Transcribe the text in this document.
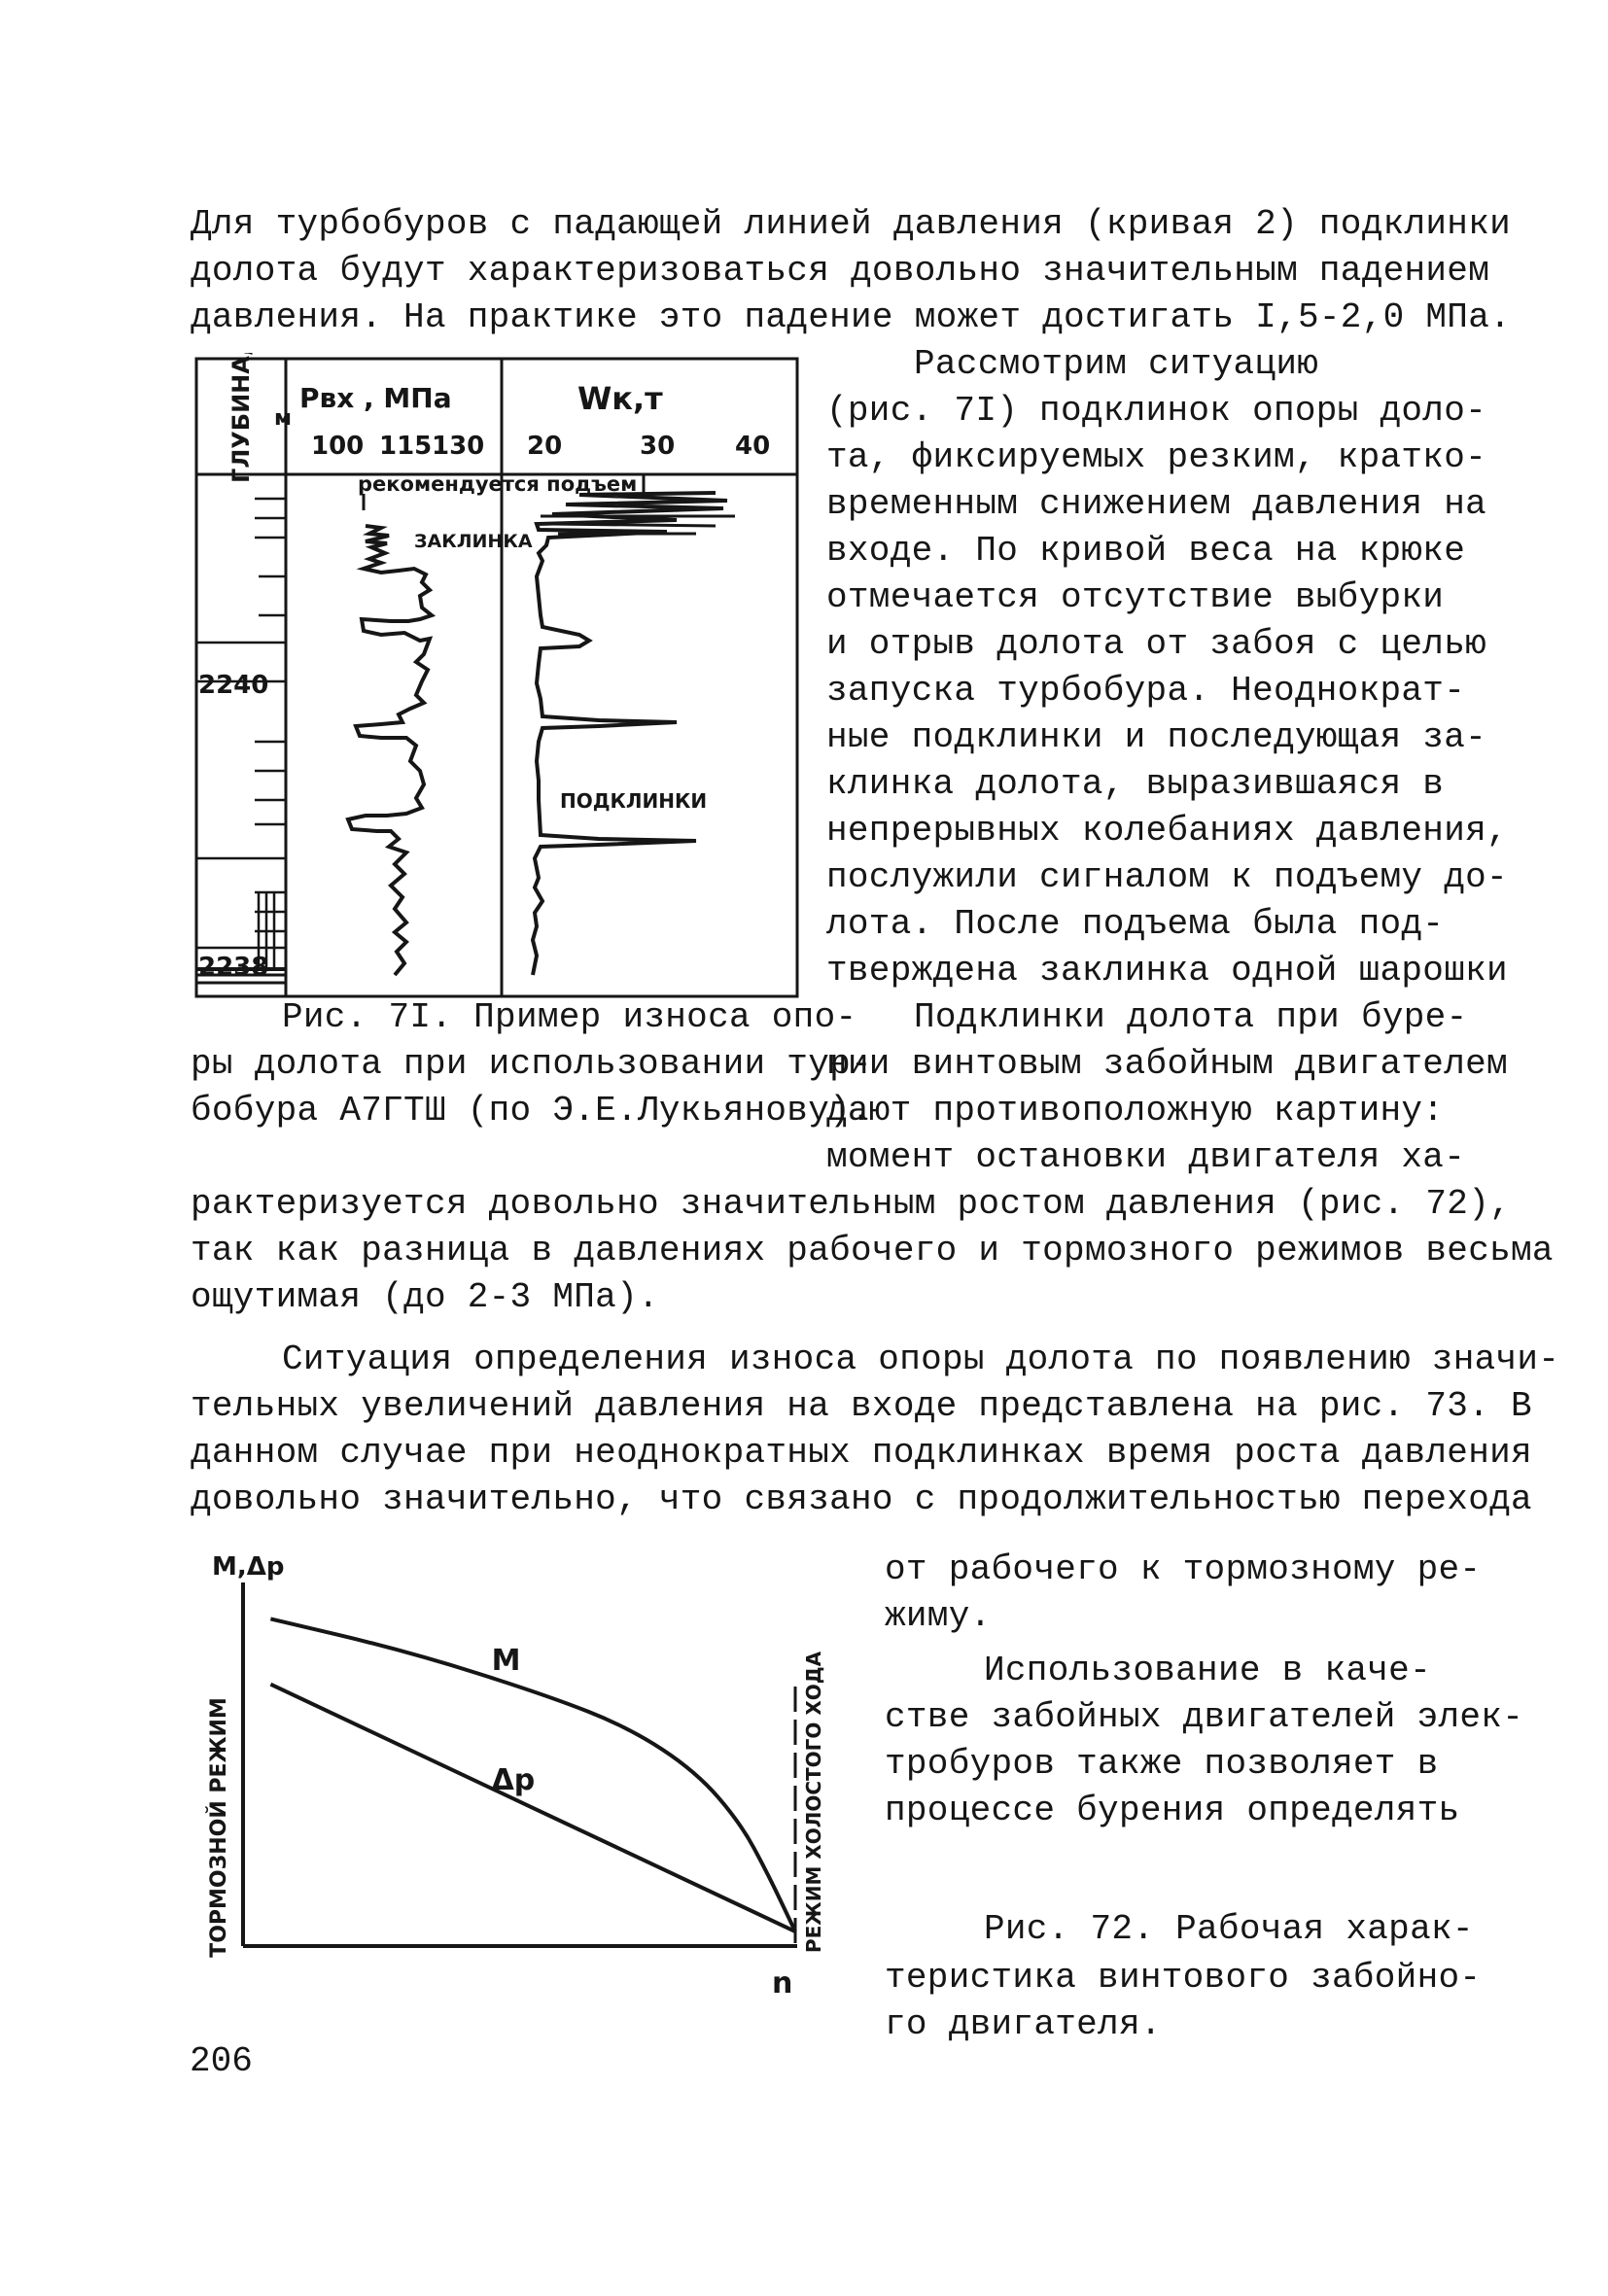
Для турбобуров с падающей линией давления (кривая 2) подклинки
долота будут характеризоваться довольно значительным падением
давления. На практике это падение может достигать I,5-2,0 МПа.
ГЛУБИНА, м
Pвх , МПа
100 115 130
Wк,т
20	30 40
рекомендуется подъем
ЗАКЛИНКА
ПОДКЛИНКИ
2240
2238
Рассмотрим ситуацию
(рис. 7I) подклинок опоры доло-
та, фиксируемых резким, кратко-
временным снижением давления на
входе. По кривой веса на крюке
отмечается отсутствие выбурки
и отрыв долота от забоя с целью
запуска турбобура. Неоднократ-
ные подклинки и последующая за-
клинка долота, выразившаяся в
непрерывных колебаниях давления,
послужили сигналом к подъему до-
лота. После подъема была под-
тверждена заклинка одной шарошки
Подклинки долота при буре-
нии винтовым забойным двигателем
дают противоположную картину:
момент остановки двигателя ха-
Рис. 7I. Пример износа опо-
ры долота при использовании тур-
бобура А7ГТШ (по Э.Е.Лукьянову).
рактеризуется довольно значительным ростом давления (рис. 72),
так как разница в давлениях рабочего и тормозного режимов весьма
ощутимая (до 2-3 МПа).
Ситуация определения износа опоры долота по появлению значи-
тельных увеличений давления на входе представлена на рис. 73. В
данном случае при неоднократных подклинках время роста давления
довольно значительно, что связано с продолжительностью перехода
M,Δp
n
ТОРМОЗНОЙ РЕЖИМ	РЕЖИМ ХОЛОСТОГО ХОДА
M
Δp
от рабочего к тормозному ре-
жиму.
Использование в каче-
стве забойных двигателей элек-
тробуров также позволяет в
процессе бурения определять
Рис. 72. Рабочая харак-
теристика винтового забойно-
го двигателя.
206
